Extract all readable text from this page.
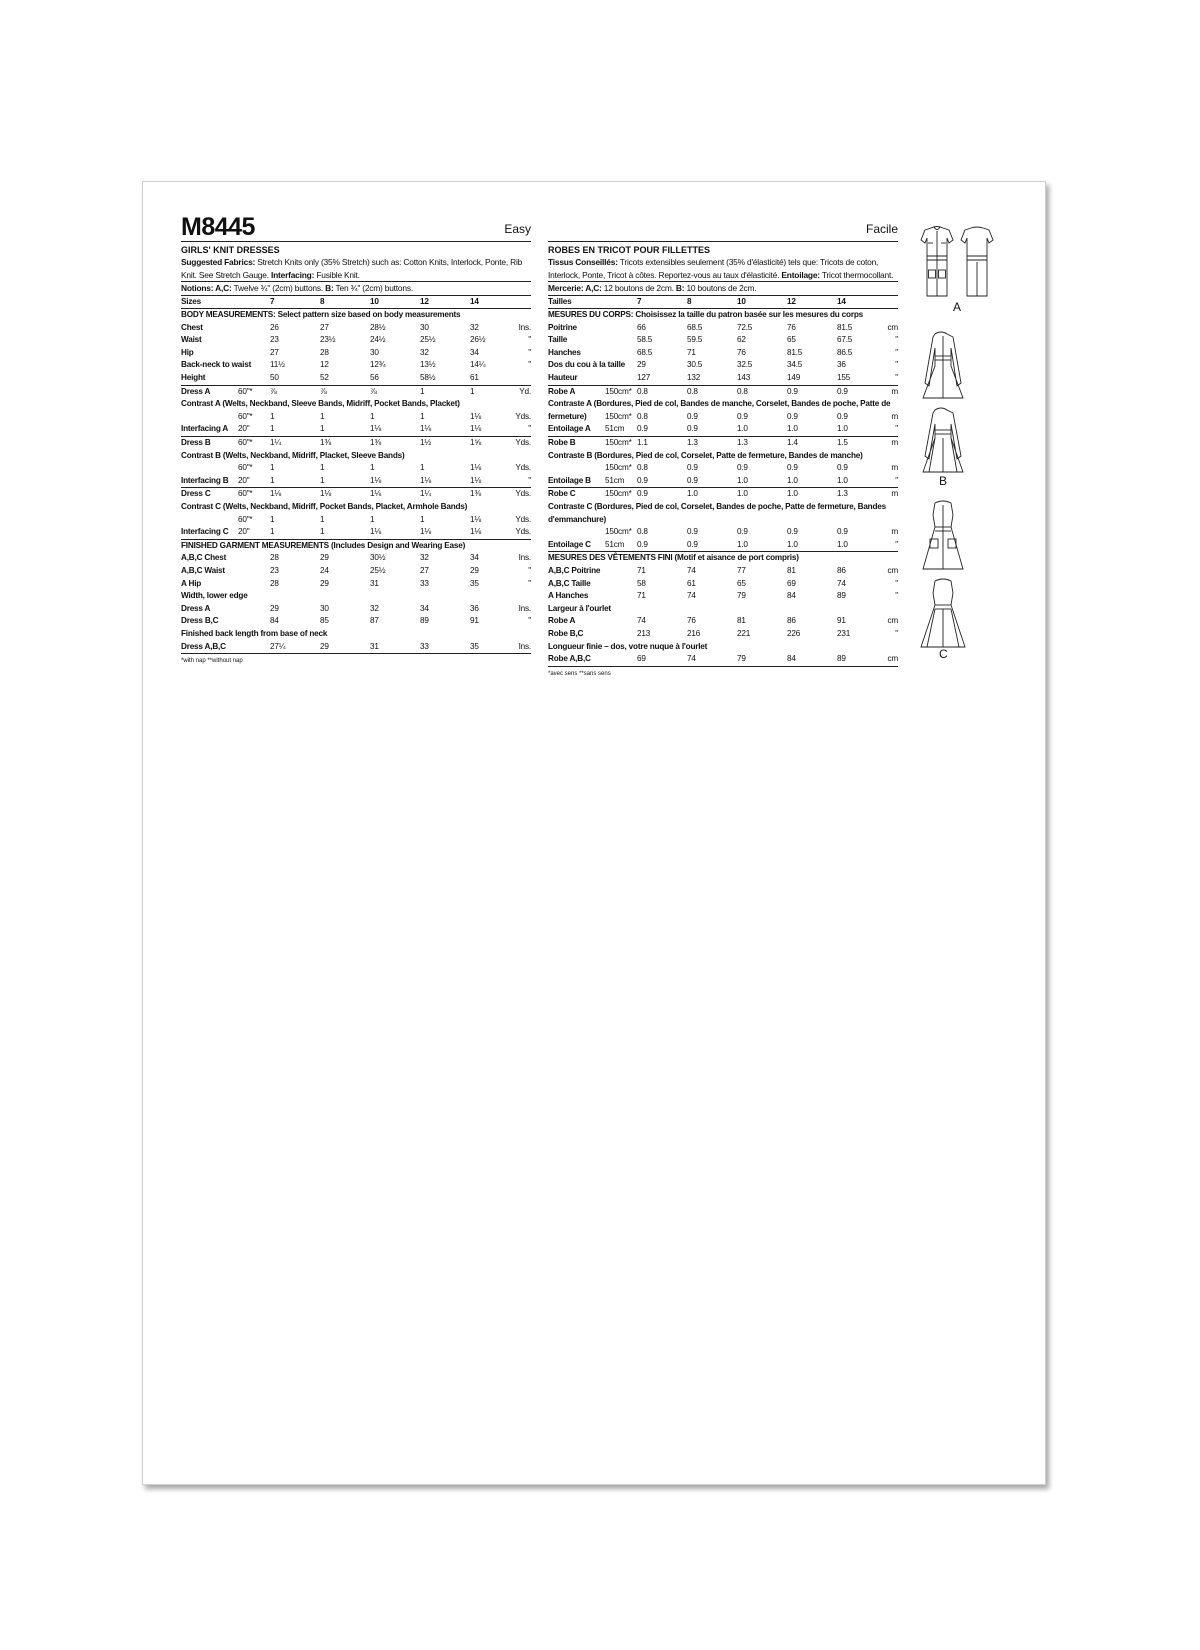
M8445	Easy
GIRLS' KNIT DRESSES
Suggested Fabrics: Stretch Knits only (35% Stretch) such as: Cotton Knits, Interlock, Ponte, Rib Knit. See Stretch Gauge. Interfacing: Fusible Knit.
Notions: A,C: Twelve ¾" (2cm) buttons. B: Ten ¾" (2cm) buttons.
Sizes		7	8	10	12	14	
BODY MEASUREMENTS: Select pattern size based on body measurements							
Chest		26	27	28½	30	32	Ins.
Waist		23	23½	24½	25½	26½	"
Hip		27	28	30	32	34	"
Back-neck to waist		11½	12	12¾	13½	14¼	"
Height		50	52	56	58½	61	
Dress A	60"*	⅞	⅞	⅞	1	1	Yd.
Contrast A (Welts, Neckband, Sleeve Bands, Midriff, Pocket Bands, Placket)							
	60"*	1	1	1	1	1⅛	Yds.
Interfacing A	20"	1	1	1⅛	1⅛	1⅛	"
Dress B	60"*	1¼	1⅜	1⅜	1½	1⅝	Yds.
Contrast B (Welts, Neckband, Midriff, Placket, Sleeve Bands)							
	60"*	1	1	1	1	1⅛	Yds.
Interfacing B	20"	1	1	1⅛	1⅛	1⅛	"
Dress C	60"*	1⅛	1⅛	1⅛	1¼	1⅜	Yds.
Contrast C (Welts, Neckband, Midriff, Pocket Bands, Placket, Armhole Bands)							
	60"*	1	1	1	1	1⅛	Yds.
Interfacing C	20"	1	1	1⅛	1⅛	1⅛	Yds.
FINISHED GARMENT MEASUREMENTS (Includes Design and Wearing Ease)							
A,B,C Chest		28	29	30½	32	34	Ins.
A,B,C Waist		23	24	25½	27	29	"
A Hip		28	29	31	33	35	"
Width, lower edge							
Dress A		29	30	32	34	36	Ins.
Dress B,C		84	85	87	89	91	"
Finished back length from base of neck							
Dress A,B,C		27¼	29	31	33	35	Ins.
*with nap **without nap
Facile
ROBES EN TRICOT POUR FILLETTES
Tissus Conseillés: Tricots extensibles seulement (35% d'élasticité) tels que: Tricots de coton, Interlock, Ponte, Tricot à côtes. Reportez-vous au taux d'élasticité. Entoilage: Tricot thermocollant.
Mercerie: A,C: 12 boutons de 2cm. B: 10 boutons de 2cm.
Tailles		7	8	10	12	14	
MESURES DU CORPS: Choisissez la taille du patron basée sur les mesures du corps							
Poitrine		66	68.5	72.5	76	81.5	cm
Taille		58.5	59.5	62	65	67.5	"
Hanches		68.5	71	76	81.5	86.5	"
Dos du cou à la taille		29	30.5	32.5	34.5	36	"
Hauteur		127	132	143	149	155	"
Robe A	150cm*	0.8	0.8	0.8	0.9	0.9	m
Contraste A (Bordures, Pied de col, Bandes de manche, Corselet, Bandes de poche, Patte de							
fermeture)	150cm*	0.8	0.9	0.9	0.9	0.9	m
Entoilage A	51cm	0.9	0.9	1.0	1.0	1.0	"
Robe B	150cm*	1.1	1.3	1.3	1.4	1.5	m
Contraste B (Bordures, Pied de col, Corselet, Patte de fermeture, Bandes de manche)							
	150cm*	0.8	0.9	0.9	0.9	0.9	m
Entoilage B	51cm	0.9	0.9	1.0	1.0	1.0	"
Robe C	150cm*	0.9	1.0	1.0	1.0	1.3	m
Contraste C (Bordures, Pied de col, Corselet, Bandes de poche, Patte de fermeture, Bandes d'emmanchure)							
	150cm*	0.8	0.9	0.9	0.9	0.9	m
Entoilage C	51cm	0.9	0.9	1.0	1.0	1.0	"
MESURES DES VÊTEMENTS FINI (Motif et aisance de port compris)							
A,B,C Poitrine		71	74	77	81	86	cm
A,B,C Taille		58	61	65	69	74	"
A Hanches		71	74	79	84	89	"
Largeur à l'ourlet							
Robe A		74	76	81	86	91	cm
Robe B,C		213	216	221	226	231	"
Longueur finie – dos, votre nuque à l'ourlet							
Robe A,B,C		69	74	79	84	89	cm
*avec sens **sans sens
A
B
C
